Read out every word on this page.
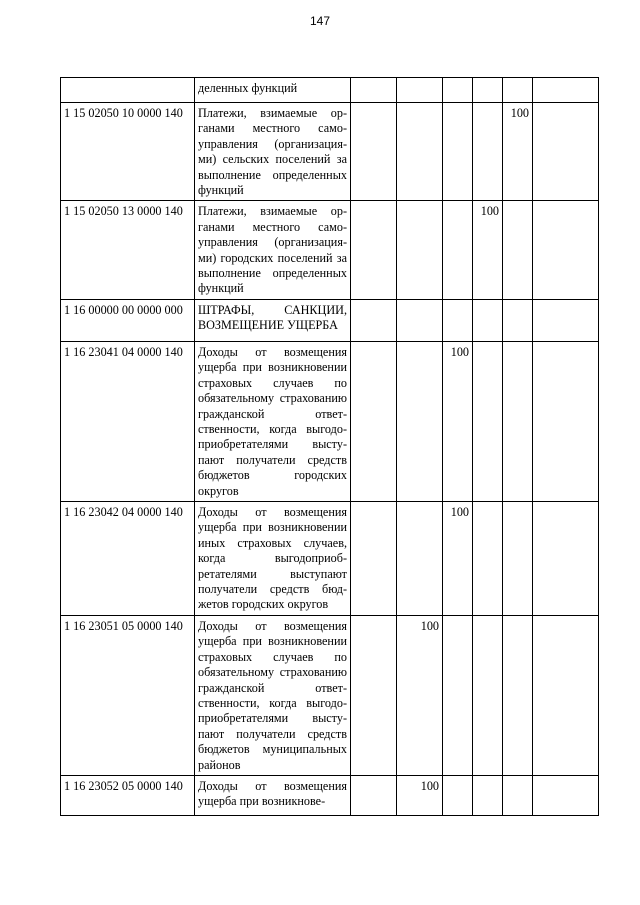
147
	деленных функций						
1 15 02050 10 0000 140	Платежи, взимаемые органами местного самоуправления (организациями) сельских поселений за выполнение определенных функций					100	
1 15 02050 13 0000 140	Платежи, взимаемые органами местного самоуправления (организациями) городских поселений за выполнение определенных функций				100		
1 16 00000 00 0000 000	ШТРАФЫ, САНКЦИИ, ВОЗМЕЩЕНИЕ УЩЕРБА						
1 16 23041 04 0000 140	Доходы от возмещения ущерба при возникновении страховых случаев по обязательному страхованию гражданской ответственности, когда выгодоприобретателями выступают получатели средств бюджетов городских округов			100			
1 16 23042 04 0000 140	Доходы от возмещения ущерба при возникновении иных страховых случаев, когда выгодоприобретателями выступают получатели средств бюджетов городских округов			100			
1 16 23051 05 0000 140	Доходы от возмещения ущерба при возникновении страховых случаев по обязательному страхованию гражданской ответственности, когда выгодоприобретателями выступают получатели средств бюджетов муниципальных районов		100				
1 16 23052 05 0000 140	Доходы от возмещения ущерба при возникнове-		100				
